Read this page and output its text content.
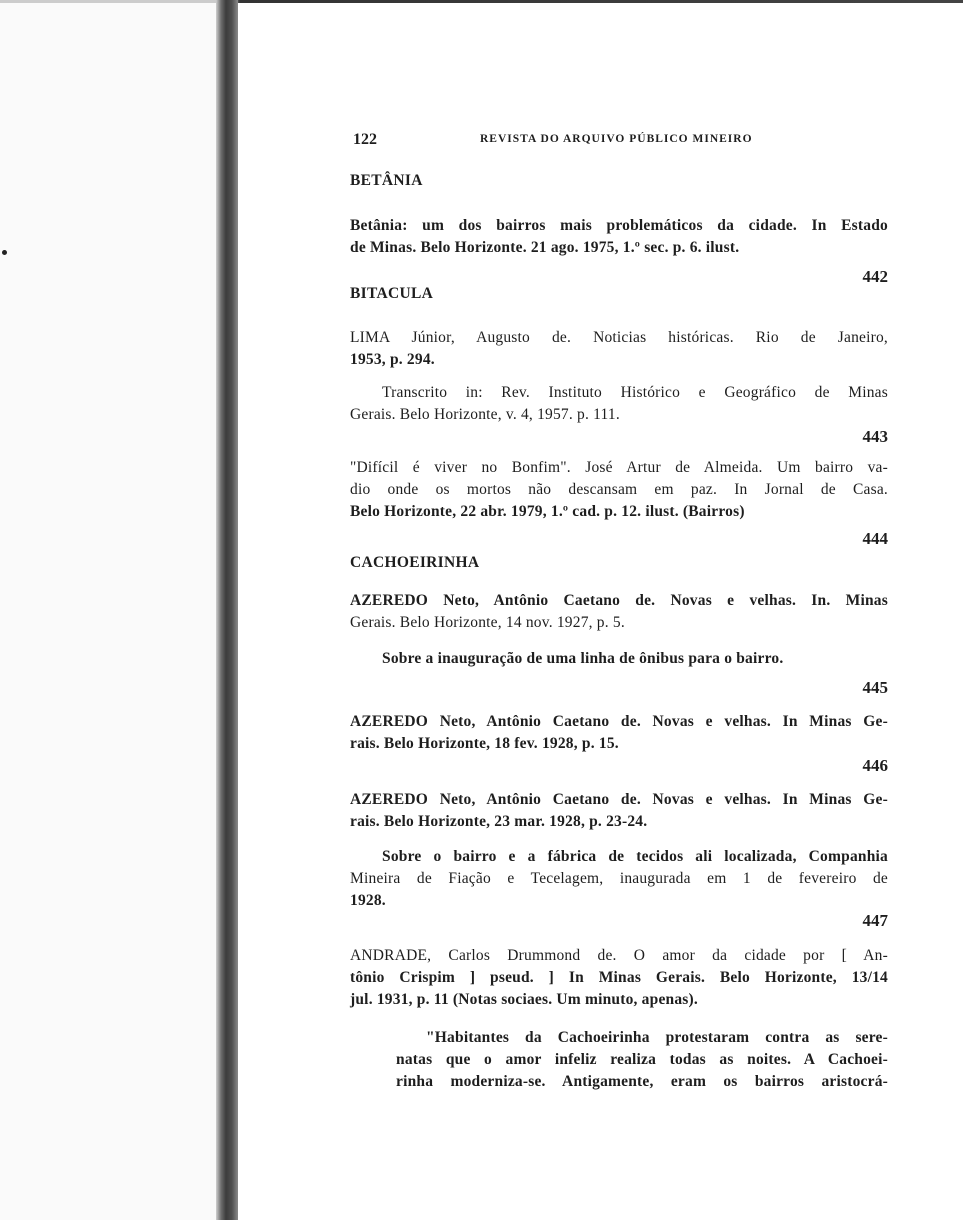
122	REVISTA DO ARQUIVO PÚBLICO MINEIRO
BETÂNIA
Betânia: um dos bairros mais problemáticos da cidade. In Estado
de Minas. Belo Horizonte. 21 ago. 1975, 1.º sec. p. 6. ilust.
442
BITACULA
LIMA Júnior, Augusto de. Noticias históricas. Rio de Janeiro,
1953, p. 294.
Transcrito in: Rev. Instituto Histórico e Geográfico de Minas
Gerais. Belo Horizonte, v. 4, 1957. p. 111.
443
"Difícil é viver no Bonfim". José Artur de Almeida. Um bairro va-
dio onde os mortos não descansam em paz. In Jornal de Casa.
Belo Horizonte, 22 abr. 1979, 1.º cad. p. 12. ilust. (Bairros)
444
CACHOEIRINHA
AZEREDO Neto, Antônio Caetano de. Novas e velhas. In. Minas
Gerais. Belo Horizonte, 14 nov. 1927, p. 5.
Sobre a inauguração de uma linha de ônibus para o bairro.
445
AZEREDO Neto, Antônio Caetano de. Novas e velhas. In Minas Ge-
rais. Belo Horizonte, 18 fev. 1928, p. 15.
446
AZEREDO Neto, Antônio Caetano de. Novas e velhas. In Minas Ge-
rais. Belo Horizonte, 23 mar. 1928, p. 23-24.
Sobre o bairro e a fábrica de tecidos ali localizada, Companhia
Mineira de Fiação e Tecelagem, inaugurada em 1 de fevereiro de
1928.
447
ANDRADE, Carlos Drummond de. O amor da cidade por [ An-
tônio Crispim ] pseud. ] In Minas Gerais. Belo Horizonte, 13/14
jul. 1931, p. 11 (Notas sociaes. Um minuto, apenas).
"Habitantes da Cachoeirinha protestaram contra as sere-
natas que o amor infeliz realiza todas as noites. A Cachoei-
rinha moderniza-se. Antigamente, eram os bairros aristocrá-
